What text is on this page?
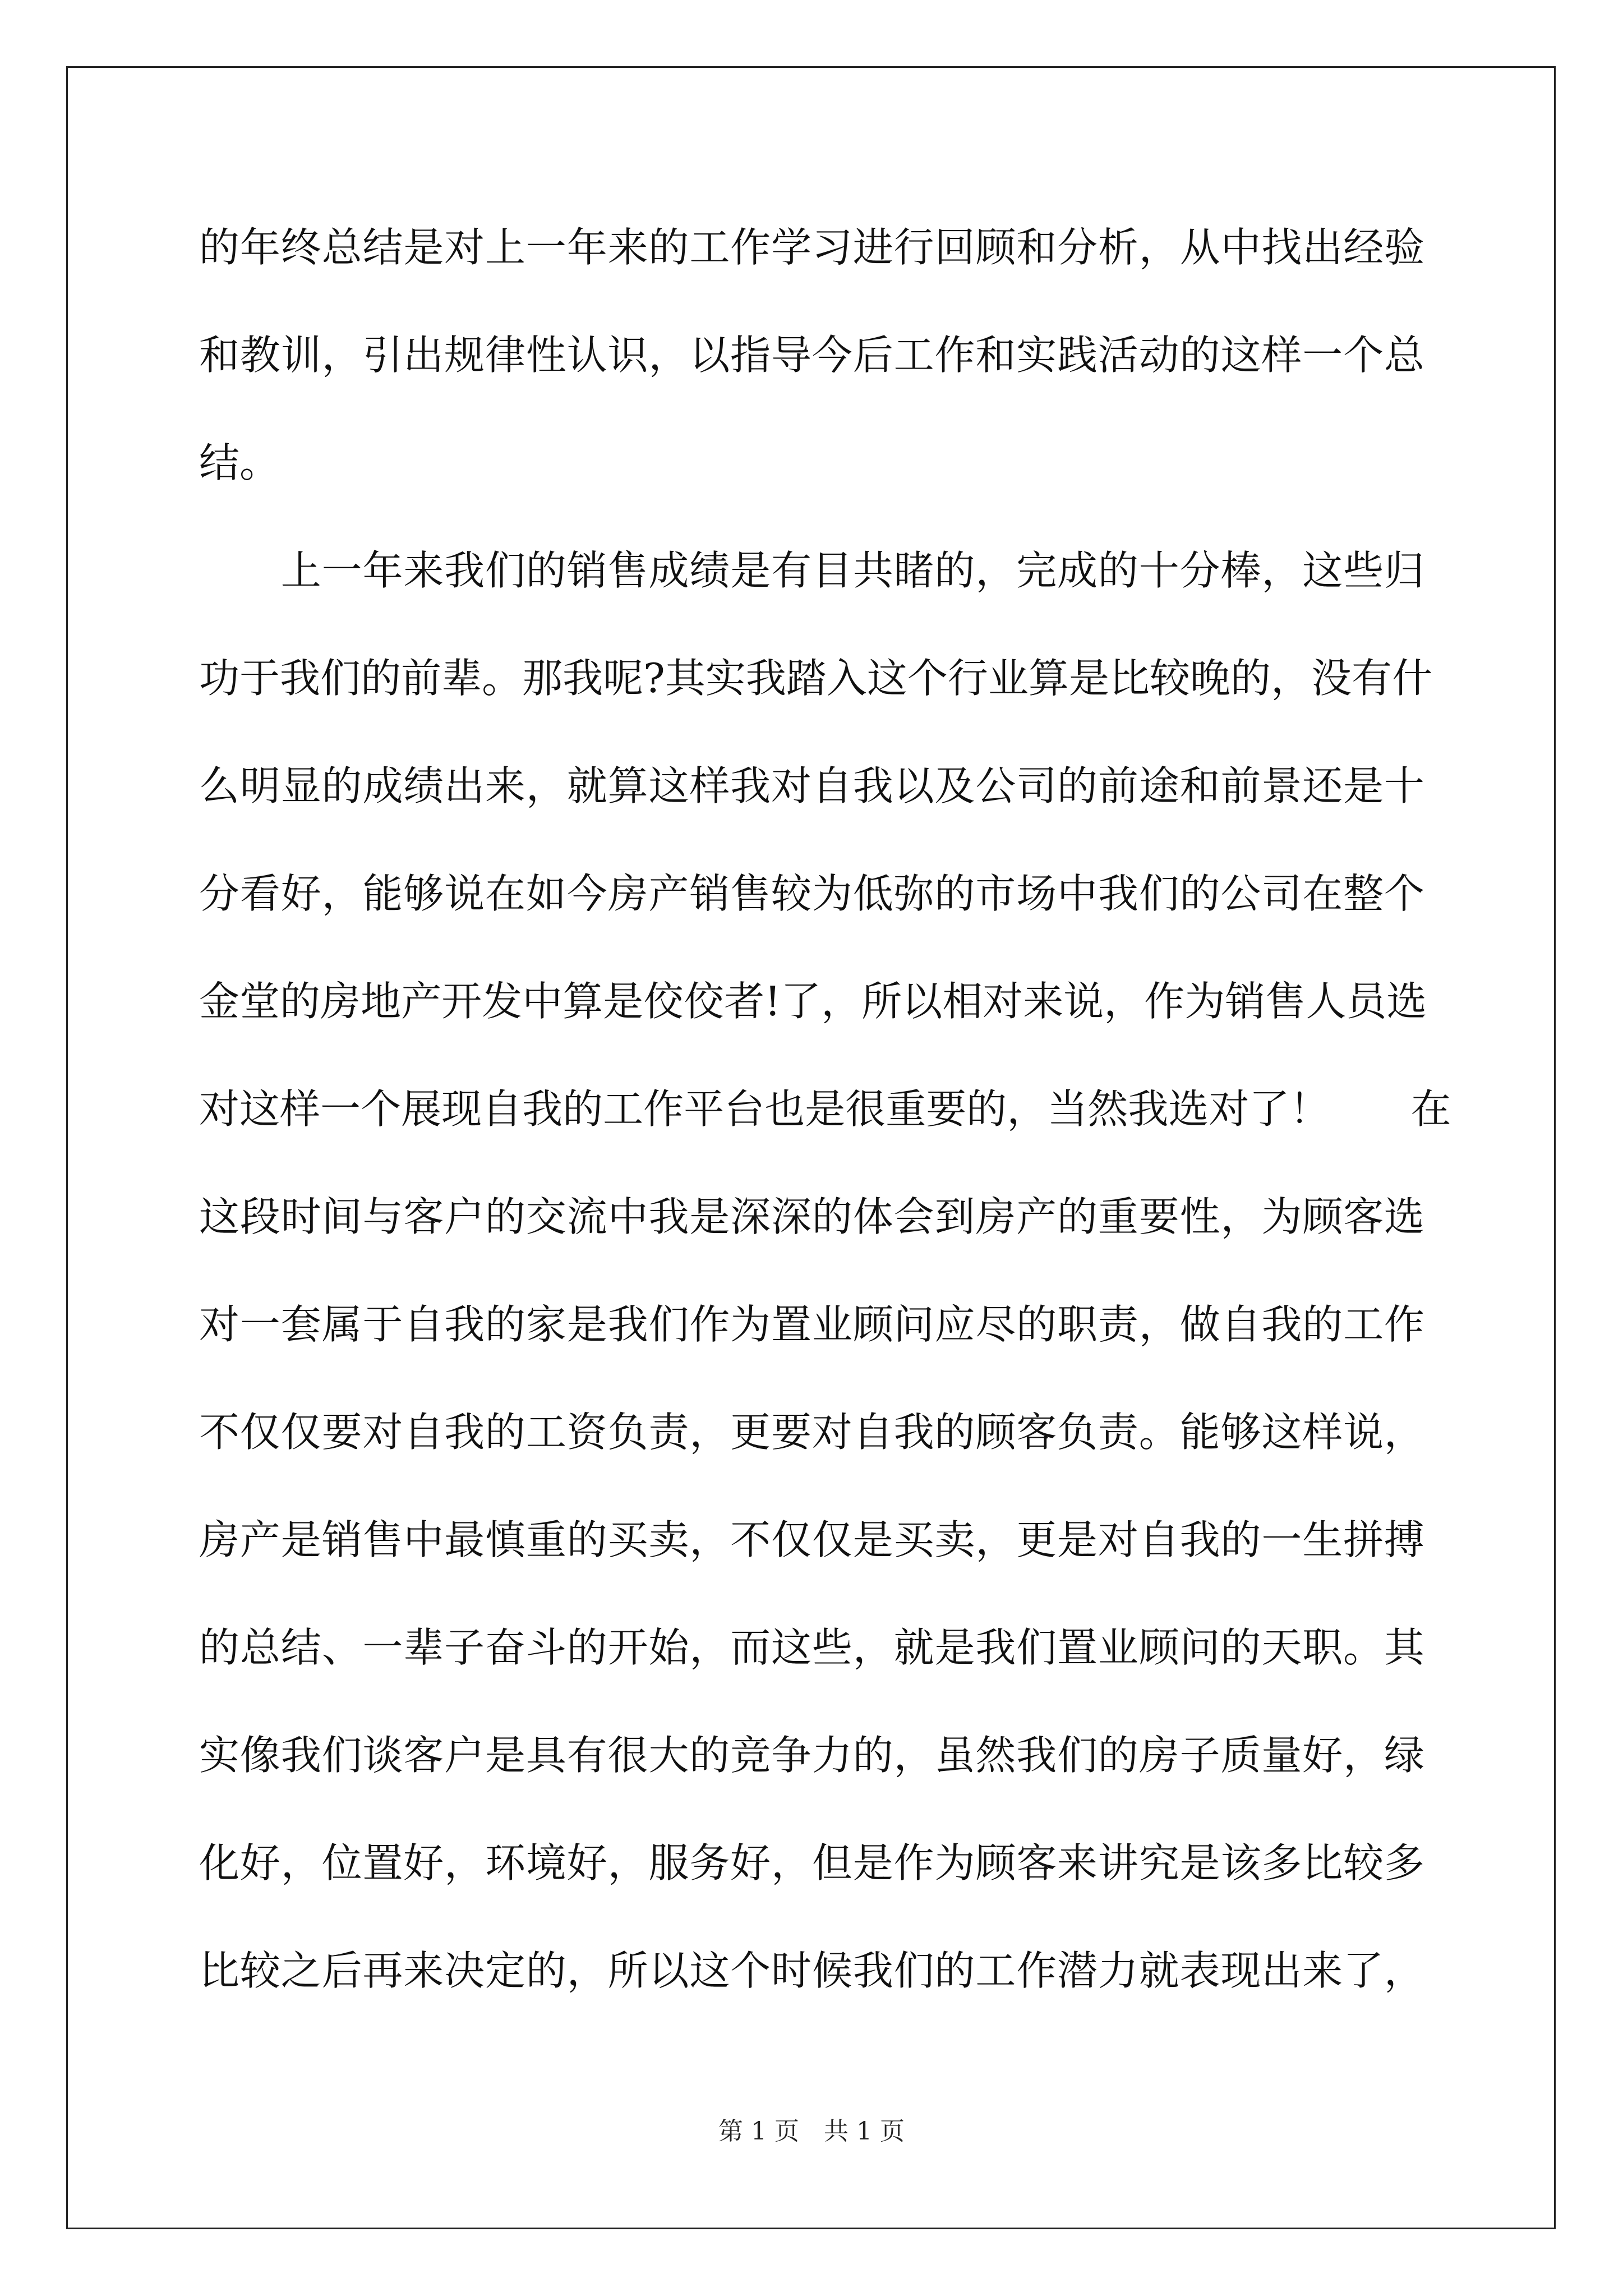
的 年 终 总 结 是 对 上 一 年 来 的 工 作 学 习 进 行 回 顾 和 分 析 ， 从 中 找 出 经 验
和 教 训 ， 引 出 规 律 性 认 识 ， 以 指 导 今 后 工 作 和 实 践 活 动 的 这 样 一 个 总
结。

上 一 年 来 我 们 的 销 售 成 绩 是 有 目 共 睹 的 ， 完 成 的 十 分 棒 ， 这 些 归
功 于 我 们 的 前 辈 。 那 我 呢 ? 其 实 我 踏 入 这 个 行 业 算 是 比 较 晚 的 ， 没 有 什
么 明 显 的 成 绩 出 来 ， 就 算 这 样 我 对 自 我 以 及 公 司 的 前 途 和 前 景 还 是 十
分 看 好 ， 能 够 说 在 如 今 房 产 销 售 较 为 低 弥 的 市 场 中 我 们 的 公 司 在 整 个
金 堂 的 房 地 产 开 发 中 算 是 佼 佼 者 ! 了 ， 所 以 相 对 来 说 ， 作 为 销 售 人 员 选
对 这 样 一 个 展 现 自 我 的 工 作 平 台 也 是 很 重 要 的 ， 当 然 我 选 对 了 ！

　 在
这 段 时 间 与 客 户 的 交 流 中 我 是 深 深 的 体 会 到 房 产 的 重 要 性 ， 为 顾 客 选
对 一 套 属 于 自 我 的 家 是 我 们 作 为 置 业 顾 问 应 尽 的 职 责 ， 做 自 我 的 工 作
不 仅 仅 要 对 自 我 的 工 资 负 责 ， 更 要 对 自 我 的 顾 客 负 责 。 能 够 这 样 说 ，
房 产 是 销 售 中 最 慎 重 的 买 卖 ， 不 仅 仅 是 买 卖 ， 更 是 对 自 我 的 一 生 拼 搏
的 总 结 、 一 辈 子 奋 斗 的 开 始 ， 而 这 些 ， 就 是 我 们 置 业 顾 问 的 天 职 。 其
实 像 我 们 谈 客 户 是 具 有 很 大 的 竞 争 力 的 ， 虽 然 我 们 的 房 子 质 量 好 ， 绿
化 好 ， 位 置 好 ， 环 境 好 ， 服 务 好 ， 但 是 作 为 顾 客 来 讲 究 是 该 多 比 较 多
比 较 之 后 再 来 决 定 的 ， 所 以 这 个 时 候 我 们 的 工 作 潜 力 就 表 现 出 来 了 ，
第 1 页　共 1 页
